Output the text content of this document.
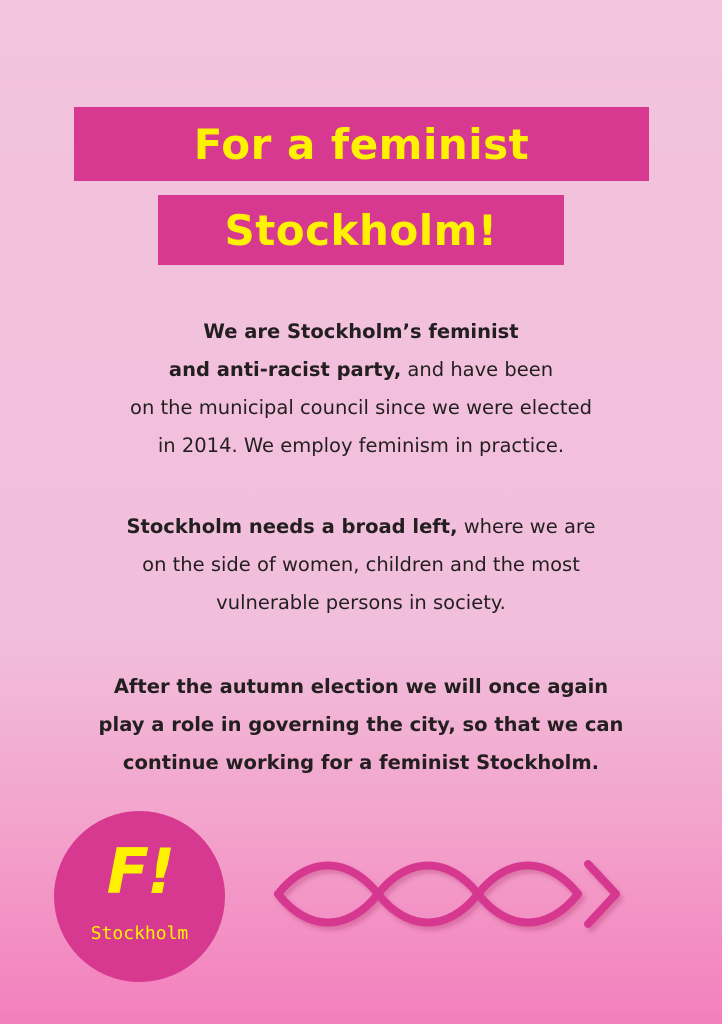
For a feminist
Stockholm!
We are Stockholm’s feminist
and anti-racist party, and have been
on the municipal council since we were elected
in 2014. We employ feminism in practice.
Stockholm needs a broad left, where we are
on the side of women, children and the most
vulnerable persons in society.
After the autumn election we will once again
play a role in governing the city, so that we can
continue working for a feminist Stockholm.
F!
Stockholm
